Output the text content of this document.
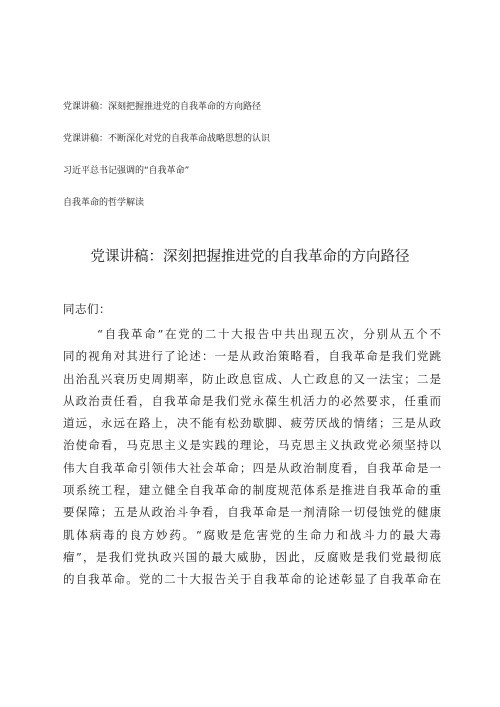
党课讲稿：深刻把握推进党的自我革命的方向路径
党课讲稿：不断深化对党的自我革命战略思想的认识
习近平总书记强调的“自我革命”
自我革命的哲学解读
党课讲稿：深刻把握推进党的自我革命的方向路径
同志们：
“自我革命”在党的二十大报告中共出现五次，分别从五个不
同的视角对其进行了论述：一是从政治策略看，自我革命是我们党跳
出治乱兴衰历史周期率，防止政息宦成、人亡政息的又一法宝；二是
从政治责任看，自我革命是我们党永葆生机活力的必然要求，任重而
道远，永远在路上，决不能有松劲歇脚、疲劳厌战的情绪；三是从政
治使命看，马克思主义是实践的理论，马克思主义执政党必须坚持以
伟大自我革命引领伟大社会革命；四是从政治制度看，自我革命是一
项系统工程，建立健全自我革命的制度规范体系是推进自我革命的重
要保障；五是从政治斗争看，自我革命是一剂清除一切侵蚀党的健康
肌体病毒的良方妙药。“腐败是危害党的生命力和战斗力的最大毒
瘤”，是我们党执政兴国的最大威胁，因此，反腐败是我们党最彻底
的自我革命。党的二十大报告关于自我革命的论述彰显了自我革命在
